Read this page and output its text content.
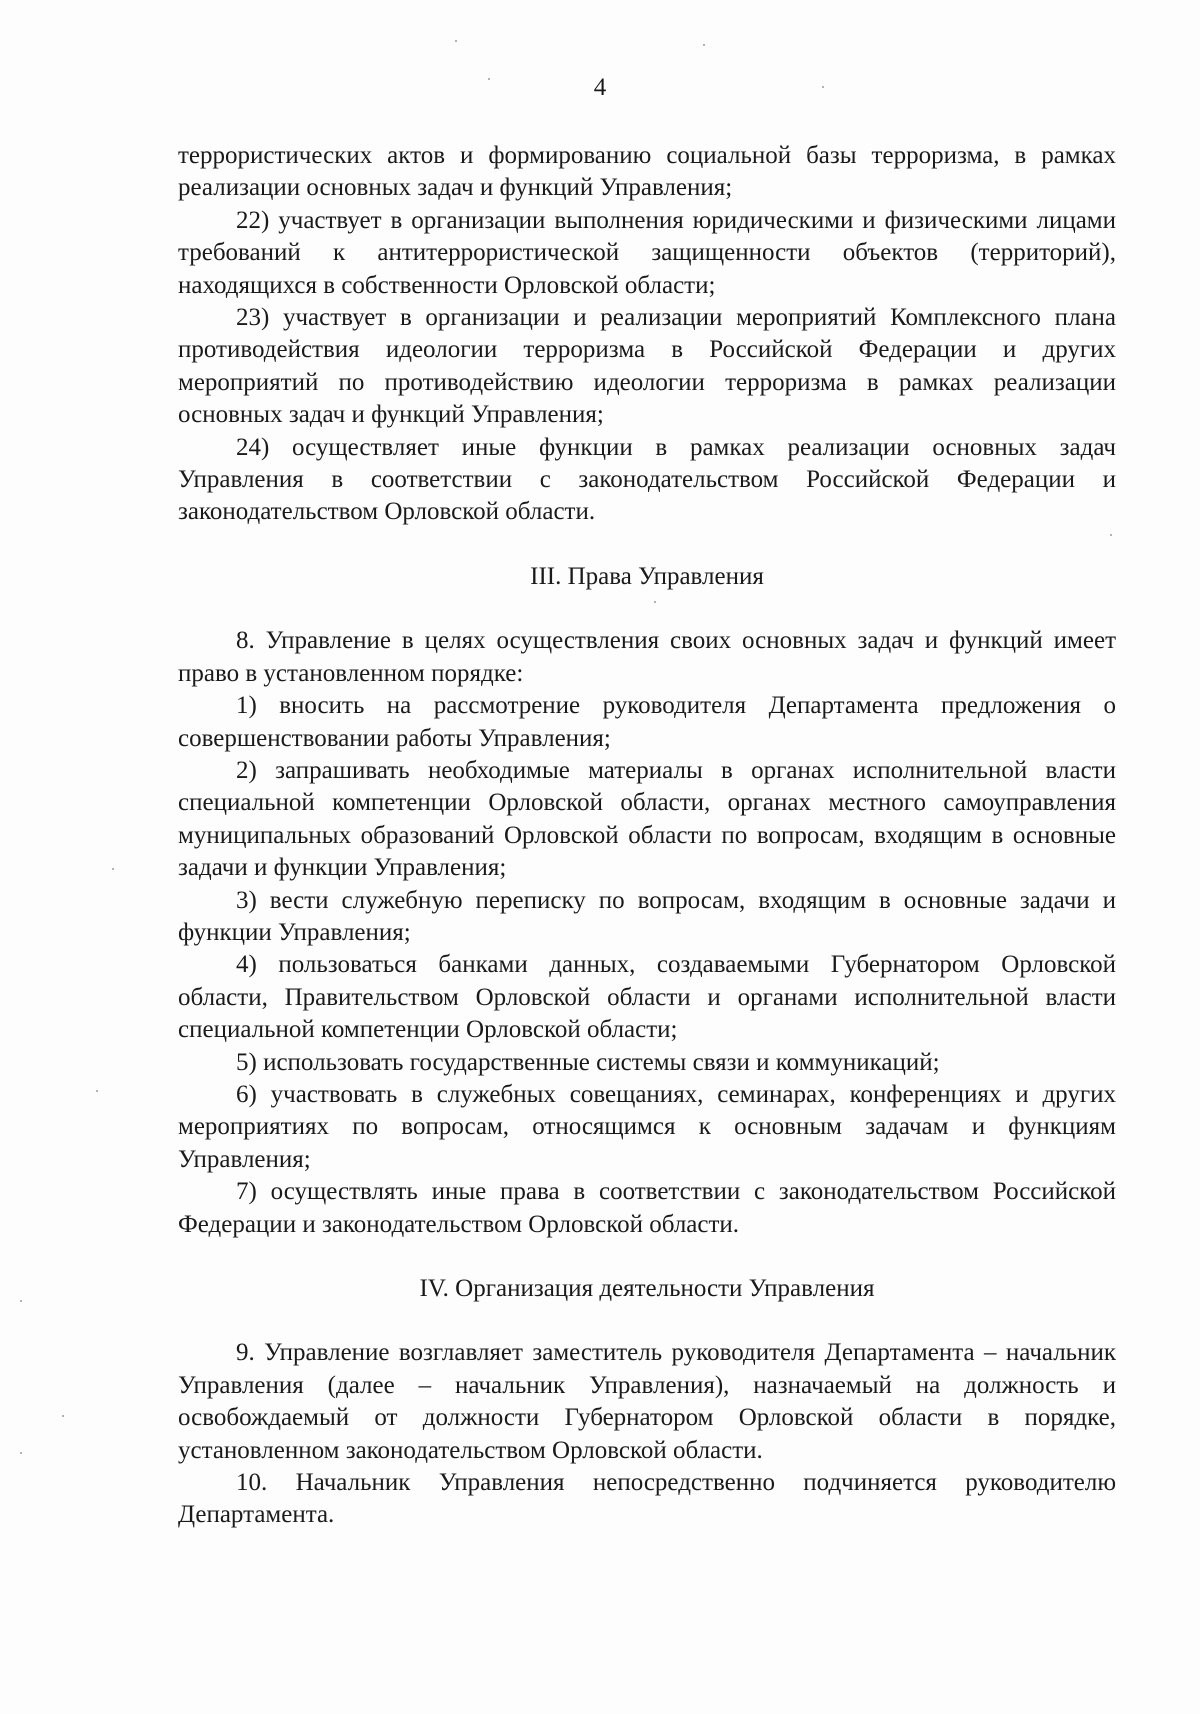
4

террористических актов и формированию социальной базы терроризма, в рамках реализации основных задач и функций Управления;

22) участвует в организации выполнения юридическими и физическими лицами требований к антитеррористической защищенности объектов (территорий), находящихся в собственности Орловской области;

23) участвует в организации и реализации мероприятий Комплексного плана противодействия идеологии терроризма в Российской Федерации и других мероприятий по противодействию идеологии терроризма в рамках реализации основных задач и функций Управления;

24) осуществляет иные функции в рамках реализации основных задач Управления в соответствии с законодательством Российской Федерации и законодательством Орловской области.

III. Права Управления

8. Управление в целях осуществления своих основных задач и функций имеет право в установленном порядке:

1) вносить на рассмотрение руководителя Департамента предложения о совершенствовании работы Управления;

2) запрашивать необходимые материалы в органах исполнительной власти специальной компетенции Орловской области, органах местного самоуправления муниципальных образований Орловской области по вопросам, входящим в основные задачи и функции Управления;

3) вести служебную переписку по вопросам, входящим в основные задачи и функции Управления;

4) пользоваться банками данных, создаваемыми Губернатором Орловской области, Правительством Орловской области и органами исполнительной власти специальной компетенции Орловской области;

5) использовать государственные системы связи и коммуникаций;

6) участвовать в служебных совещаниях, семинарах, конференциях и других мероприятиях по вопросам, относящимся к основным задачам и функциям Управления;

7) осуществлять иные права в соответствии с законодательством Российской Федерации и законодательством Орловской области.

IV. Организация деятельности Управления

9. Управление возглавляет заместитель руководителя Департамента – начальник Управления (далее – начальник Управления), назначаемый на должность и освобождаемый от должности Губернатором Орловской области в порядке, установленном законодательством Орловской области.

10. Начальник Управления непосредственно подчиняется руководителю Департамента.
